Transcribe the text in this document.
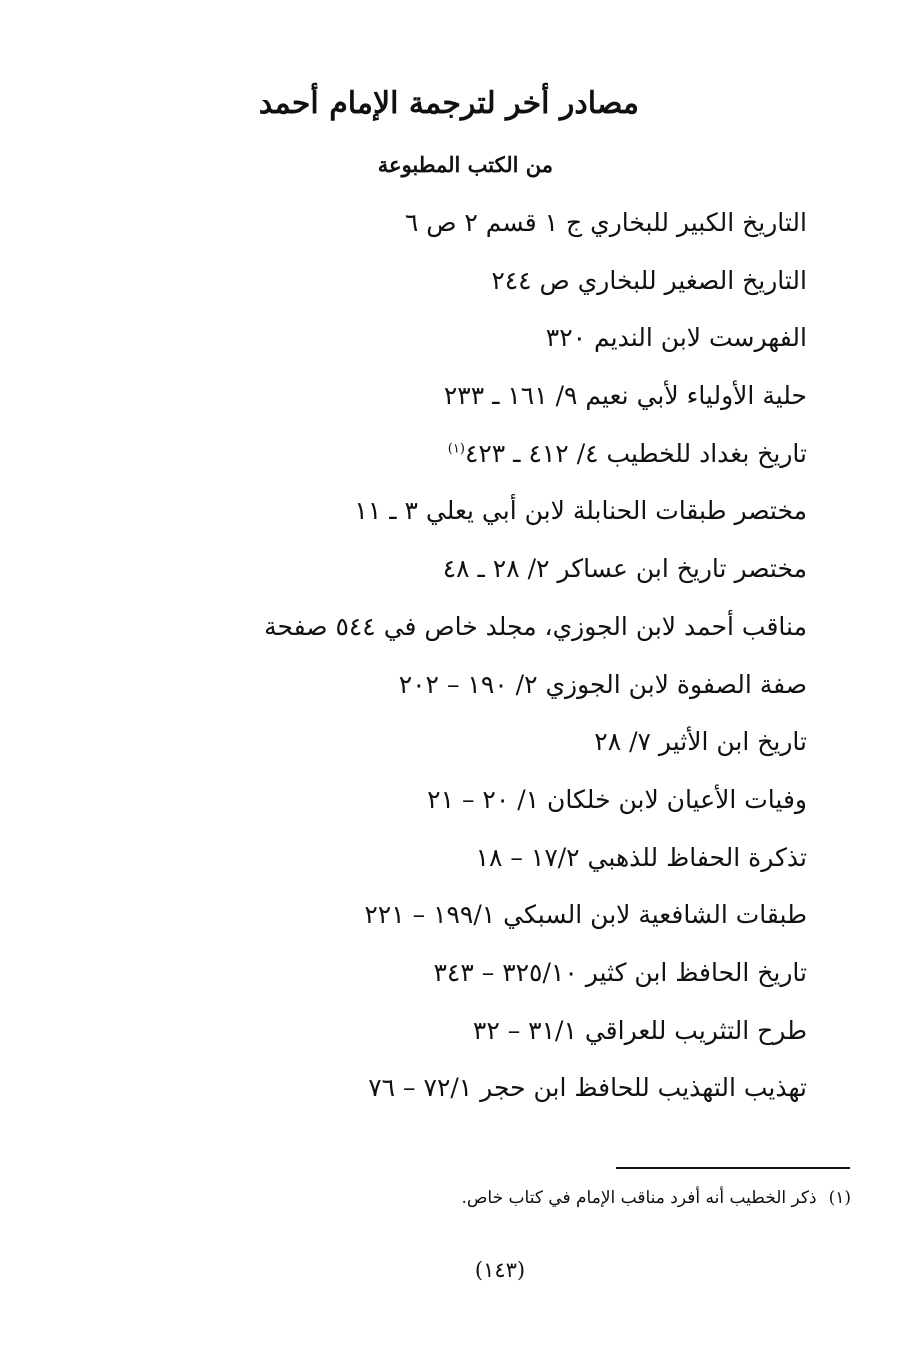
مصادر أخر لترجمة الإمام أحمد
من الكتب المطبوعة
التاريخ الكبير للبخاري ج ١ قسم ٢ ص ٦
التاريخ الصغير للبخاري ص ٢٤٤
الفهرست لابن النديم ٣٢٠
حلية الأولياء لأبي نعيم ٩/ ١٦١ ـ ٢٣٣
تاريخ بغداد للخطيب ٤/ ٤١٢ ـ ٤٢٣$^{(١)}$
مختصر طبقات الحنابلة لابن أبي يعلي ٣ ـ ١١
مختصر تاريخ ابن عساكر ٢/ ٢٨ ـ ٤٨
مناقب أحمد لابن الجوزي، مجلد خاص في ٥٤٤ صفحة
صفة الصفوة لابن الجوزي ٢/ ١٩٠ – ٢٠٢
تاريخ ابن الأثير ٧/ ٢٨
وفيات الأعيان لابن خلكان ١/ ٢٠ – ٢١
تذكرة الحفاظ للذهبي ١٧/٢ – ١٨
طبقات الشافعية لابن السبكي ١٩٩/١ – ٢٢١
تاريخ الحافظ ابن كثير ٣٢٥/١٠ – ٣٤٣
طرح التثريب للعراقي ٣١/١ – ٣٢
تهذيب التهذيب للحافظ ابن حجر ٧٢/١ – ٧٦
(١)ذكر الخطيب أنه أفرد مناقب الإمام في كتاب خاص.
(١٤٣)
